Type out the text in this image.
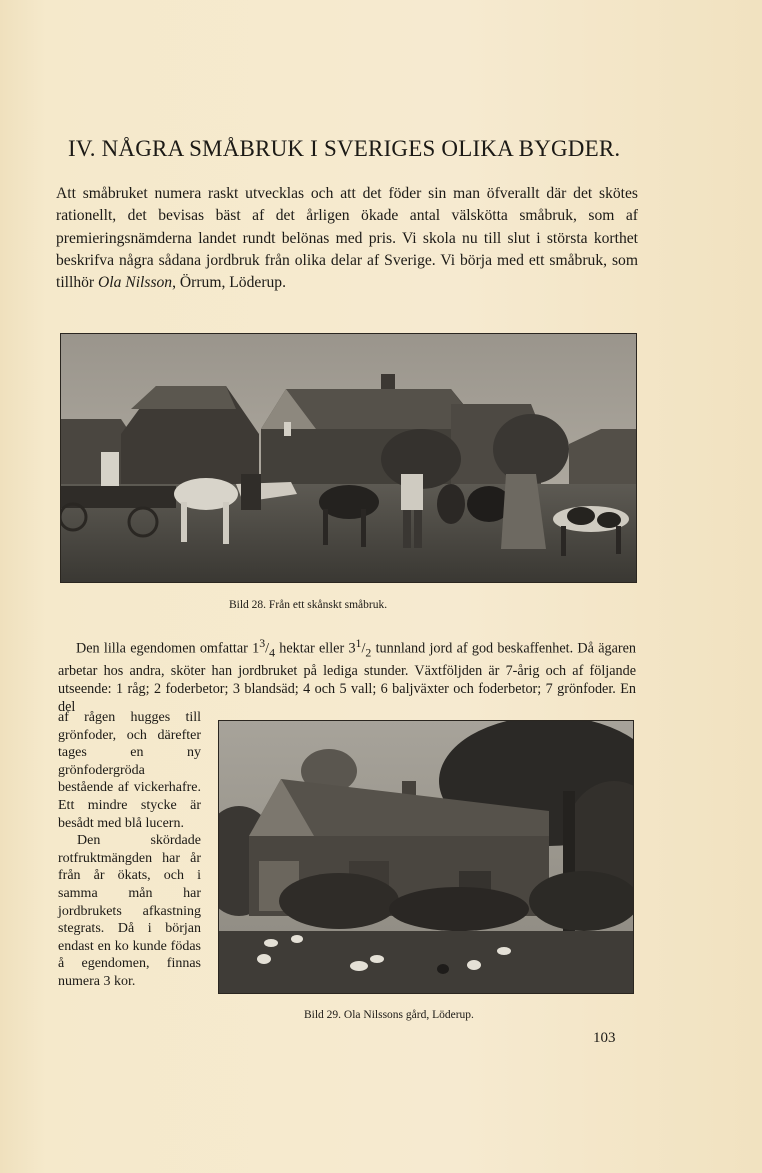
IV. NÅGRA SMÅBRUK I SVERIGES OLIKA BYGDER.
Att småbruket numera raskt utvecklas och att det föder sin man öfverallt där det skötes rationellt, det bevisas bäst af det årligen ökade antal välskötta småbruk, som af premieringsnämderna landet rundt belönas med pris. Vi skola nu till slut i största korthet beskrifva några sådana jordbruk från olika delar af Sverige. Vi börja med ett småbruk, som tillhör Ola Nilsson, Örrum, Löderup.
Bild 28. Från ett skånskt småbruk.

Den lilla egendomen omfattar $1^3/_4$ hektar eller $3^1/_2$ tunnland jord af god beskaffenhet. Då ägaren arbetar hos andra, sköter han jordbruket på lediga stunder. Växtföljden är 7-årig och af följande utseende: 1 råg; 2 foderbetor; 3 blandsäd; 4 och 5 vall; 6 baljväxter och foderbetor; 7 grönfoder. En del

af rågen hugges till grönfoder, och därefter tages en ny grönfodergröda bestående af vickerhafre. Ett mindre stycke är besådt med blå lucern.

Den skördade rotfruktmängden har år från år ökats, och i samma mån har jordbrukets afkastning stegrats. Då i början endast en ko kunde födas å egendomen, finnas numera 3 kor.

Bild 29. Ola Nilssons gård, Löderup.
103
